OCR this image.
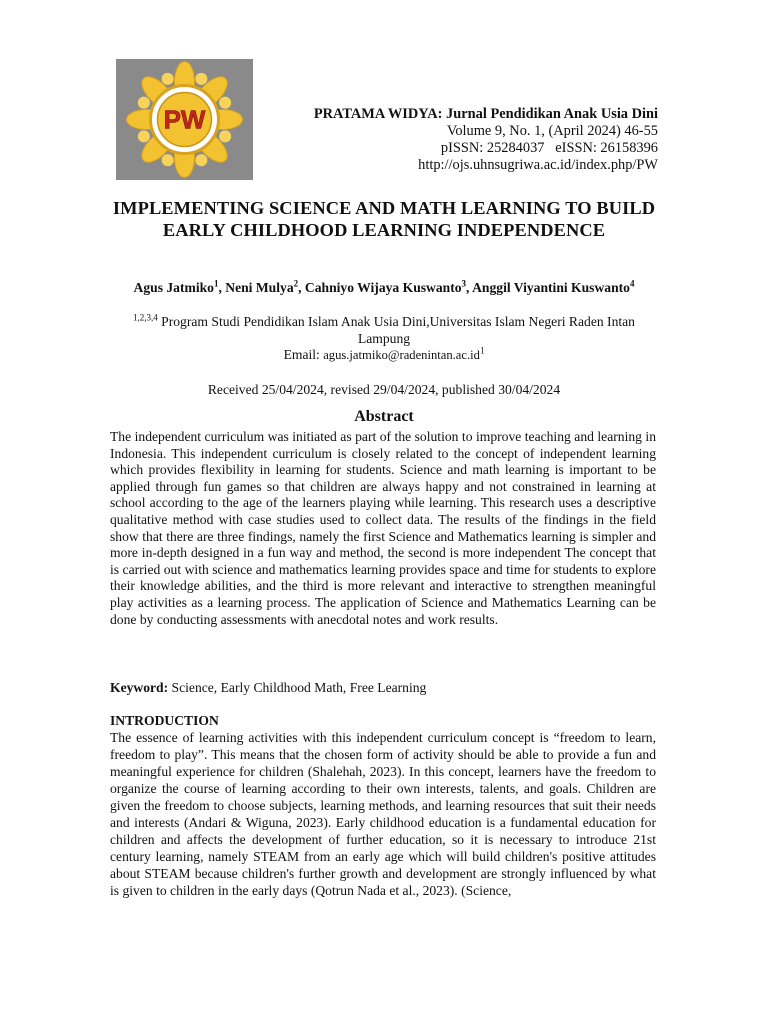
PW	PRATAMA WIDYA: Jurnal Pendidikan Anak Usia Dini
Volume 9, No. 1, (April 2024) 46-55
pISSN: 25284037   eISSN: 26158396
http://ojs.uhnsugriwa.ac.id/index.php/PW
IMPLEMENTING SCIENCE AND MATH LEARNING TO BUILD EARLY CHILDHOOD LEARNING INDEPENDENCE
Agus Jatmiko$^1$, Neni Mulya$^2$, Cahniyo Wijaya Kuswanto$^3$, Anggil Viyantini Kuswanto$^4$
$^{1,2,3,4}$ Program Studi Pendidikan Islam Anak Usia Dini,Universitas Islam Negeri Raden Intan Lampung
Email: $agus.jatmiko@radenintan.ac.id^1$
Received 25/04/2024, revised 29/04/2024, published 30/04/2024
Abstract
The independent curriculum was initiated as part of the solution to improve teaching and learning in Indonesia. This independent curriculum is closely related to the concept of independent learning which provides flexibility in learning for students. Science and math learning is important to be applied through fun games so that children are always happy and not constrained in learning at school according to the age of the learners playing while learning. This research uses a descriptive qualitative method with case studies used to collect data. The results of the findings in the field show that there are three findings, namely the first Science and Mathematics learning is simpler and more in-depth designed in a fun way and method, the second is more independent The concept that is carried out with science and mathematics learning provides space and time for students to explore their knowledge abilities, and the third is more relevant and interactive to strengthen meaningful play activities as a learning process. The application of Science and Mathematics Learning can be done by conducting assessments with anecdotal notes and work results.
Keyword: Science, Early Childhood Math, Free Learning
INTRODUCTION
The essence of learning activities with this independent curriculum concept is “freedom to learn, freedom to play”. This means that the chosen form of activity should be able to provide a fun and meaningful experience for children (Shalehah, 2023). In this concept, learners have the freedom to organize the course of learning according to their own interests, talents, and goals. Children are given the freedom to choose subjects, learning methods, and learning resources that suit their needs and interests (Andari & Wiguna, 2023). Early childhood education is a fundamental education for children and affects the development of further education, so it is necessary to introduce 21st century learning, namely STEAM from an early age which will build children's positive attitudes about STEAM because children's further growth and development are strongly influenced by what is given to children in the early days (Qotrun Nada et al., 2023). (Science,
